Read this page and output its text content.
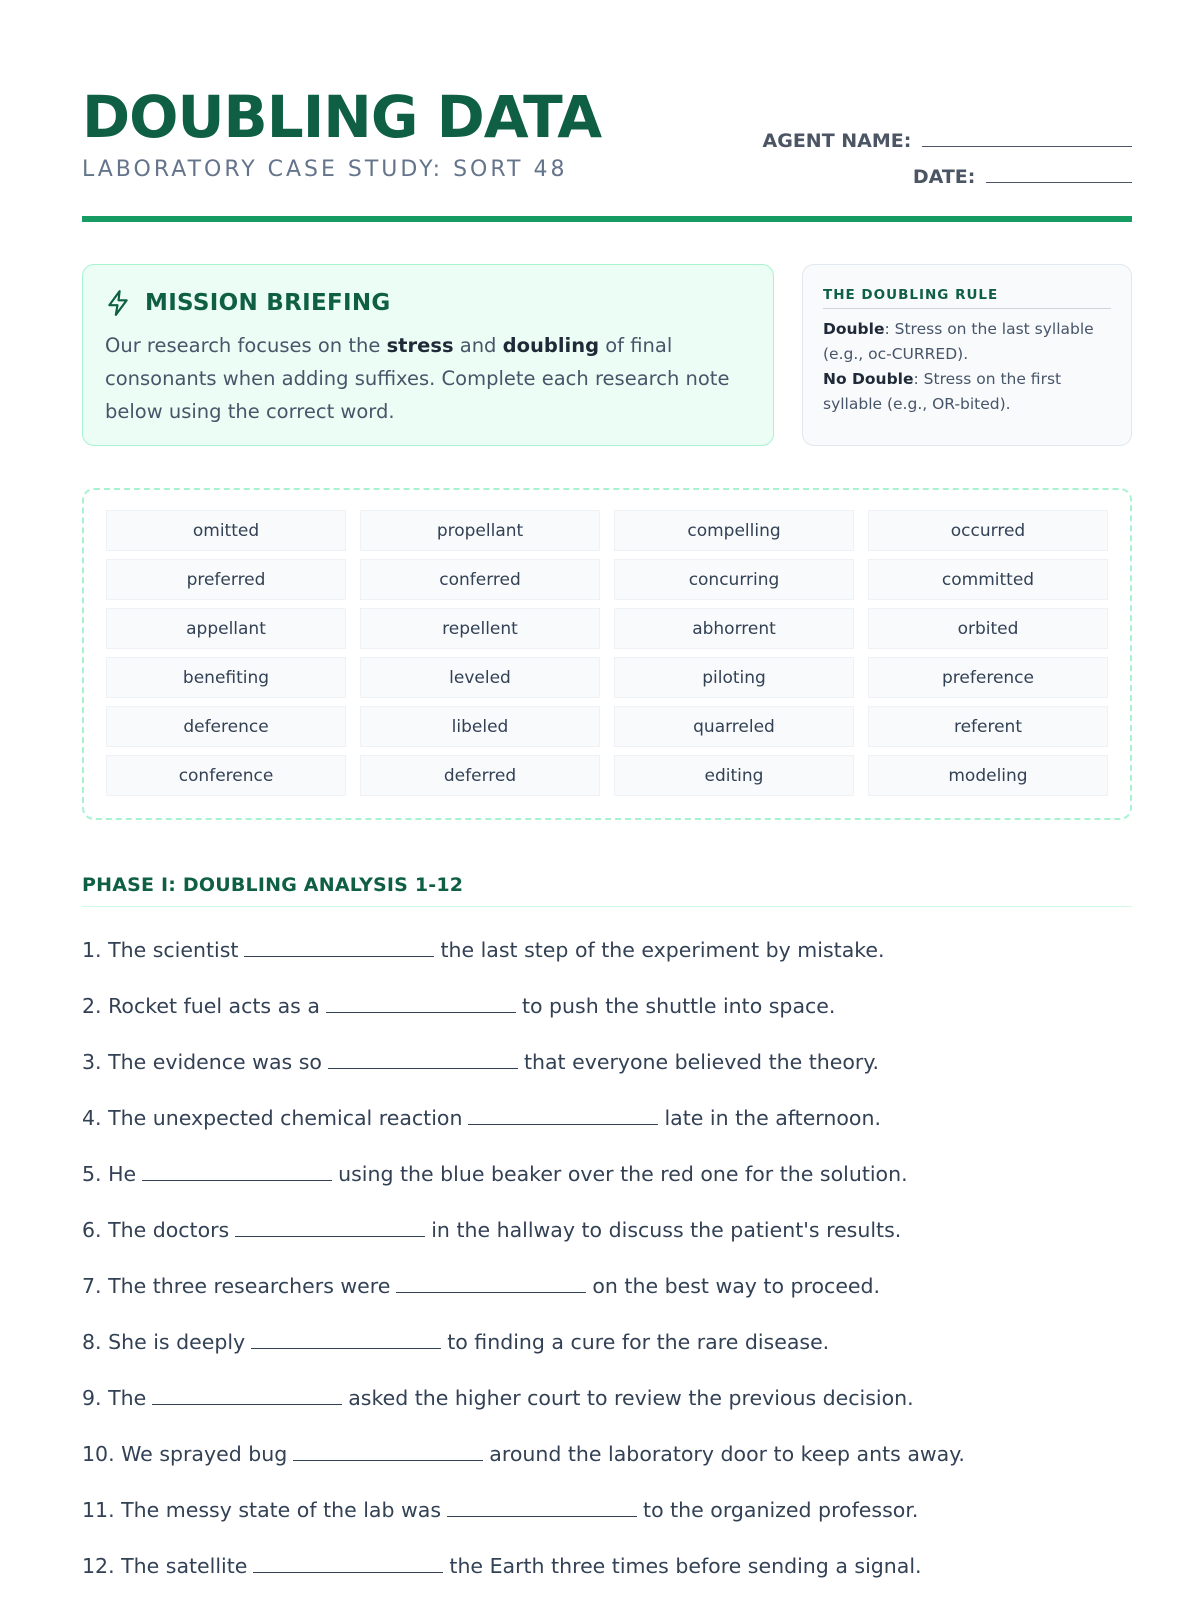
DOUBLING DATA
LABORATORY CASE STUDY: SORT 48
AGENT NAME:
DATE:
MISSION BRIEFING
Our research focuses on the stress and doubling of final consonants when adding suffixes. Complete each research note below using the correct word.
THE DOUBLING RULE
Double: Stress on the last syllable (e.g., oc-CURRED).
No Double: Stress on the first syllable (e.g., OR-bited).
omitted	propellant	compelling	occurred
preferred	conferred	concurring	committed
appellant	repellent	abhorrent	orbited
benefiting	leveled	piloting	preference
deference	libeled	quarreled	referent
conference	deferred	editing	modeling
PHASE I: DOUBLING ANALYSIS 1-12
1. The scientist	the last step of the experiment by mistake.
2. Rocket fuel acts as a	to push the shuttle into space.
3. The evidence was so	that everyone believed the theory.
4. The unexpected chemical reaction	late in the afternoon.
5. He	using the blue beaker over the red one for the solution.
6. The doctors	in the hallway to discuss the patient's results.
7. The three researchers were	on the best way to proceed.
8. She is deeply	to finding a cure for the rare disease.
9. The	asked the higher court to review the previous decision.
10. We sprayed bug	around the laboratory door to keep ants away.
11. The messy state of the lab was	to the organized professor.
12. The satellite	the Earth three times before sending a signal.
